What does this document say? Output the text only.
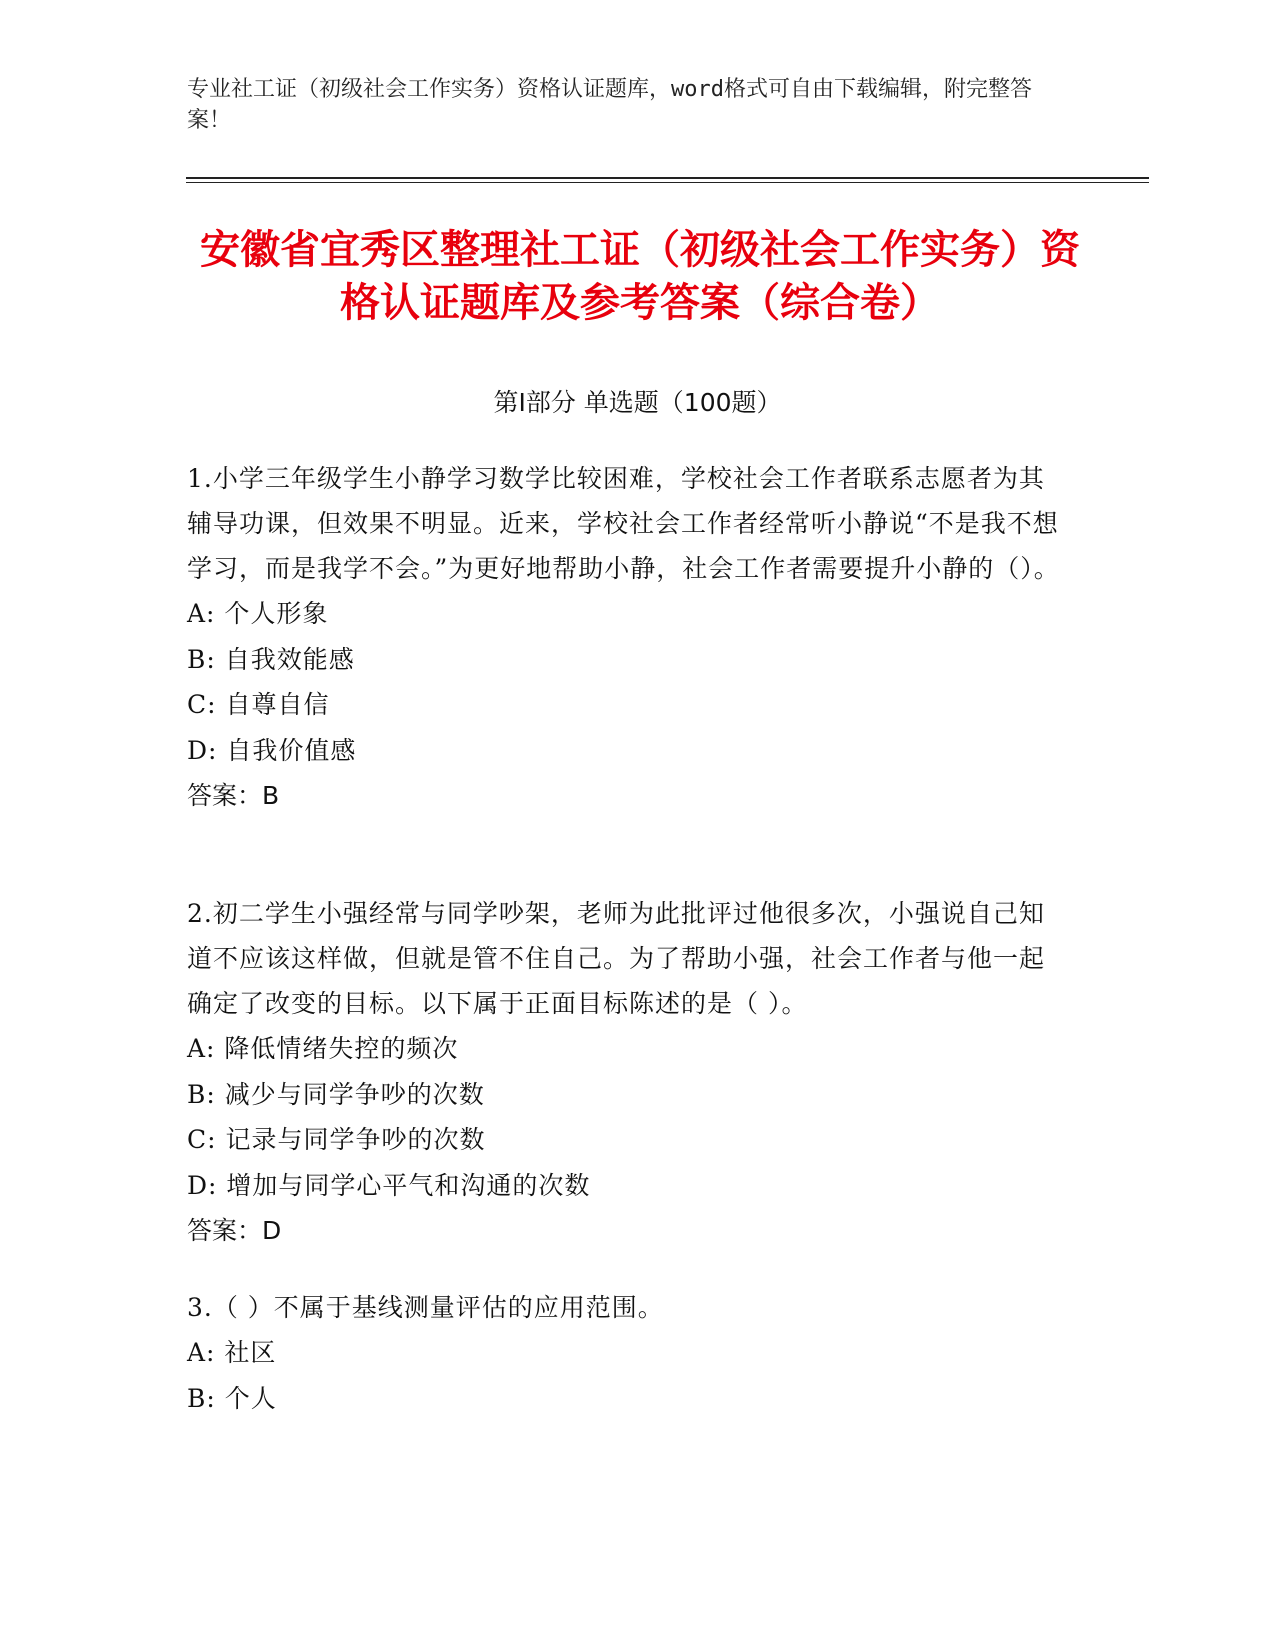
专业社工证（初级社会工作实务）资格认证题库，word格式可自由下载编辑，附完整答案！
安徽省宜秀区整理社工证（初级社会工作实务）资格认证题库及参考答案（综合卷）
第Ⅰ部分 单选题（100题）
1.小学三年级学生小静学习数学比较困难，学校社会工作者联系志愿者为其辅导功课，但效果不明显。近来，学校社会工作者经常听小静说“不是我不想学习，而是我学不会。”为更好地帮助小静，社会工作者需要提升小静的（）。
A: 个人形象
B: 自我效能感
C: 自尊自信
D: 自我价值感
答案：B
2.初二学生小强经常与同学吵架，老师为此批评过他很多次，小强说自己知道不应该这样做，但就是管不住自己。为了帮助小强，社会工作者与他一起确定了改变的目标。以下属于正面目标陈述的是（ ）。
A: 降低情绪失控的频次
B: 减少与同学争吵的次数
C: 记录与同学争吵的次数
D: 增加与同学心平气和沟通的次数
答案：D
3.（ ）不属于基线测量评估的应用范围。
A: 社区
B: 个人
